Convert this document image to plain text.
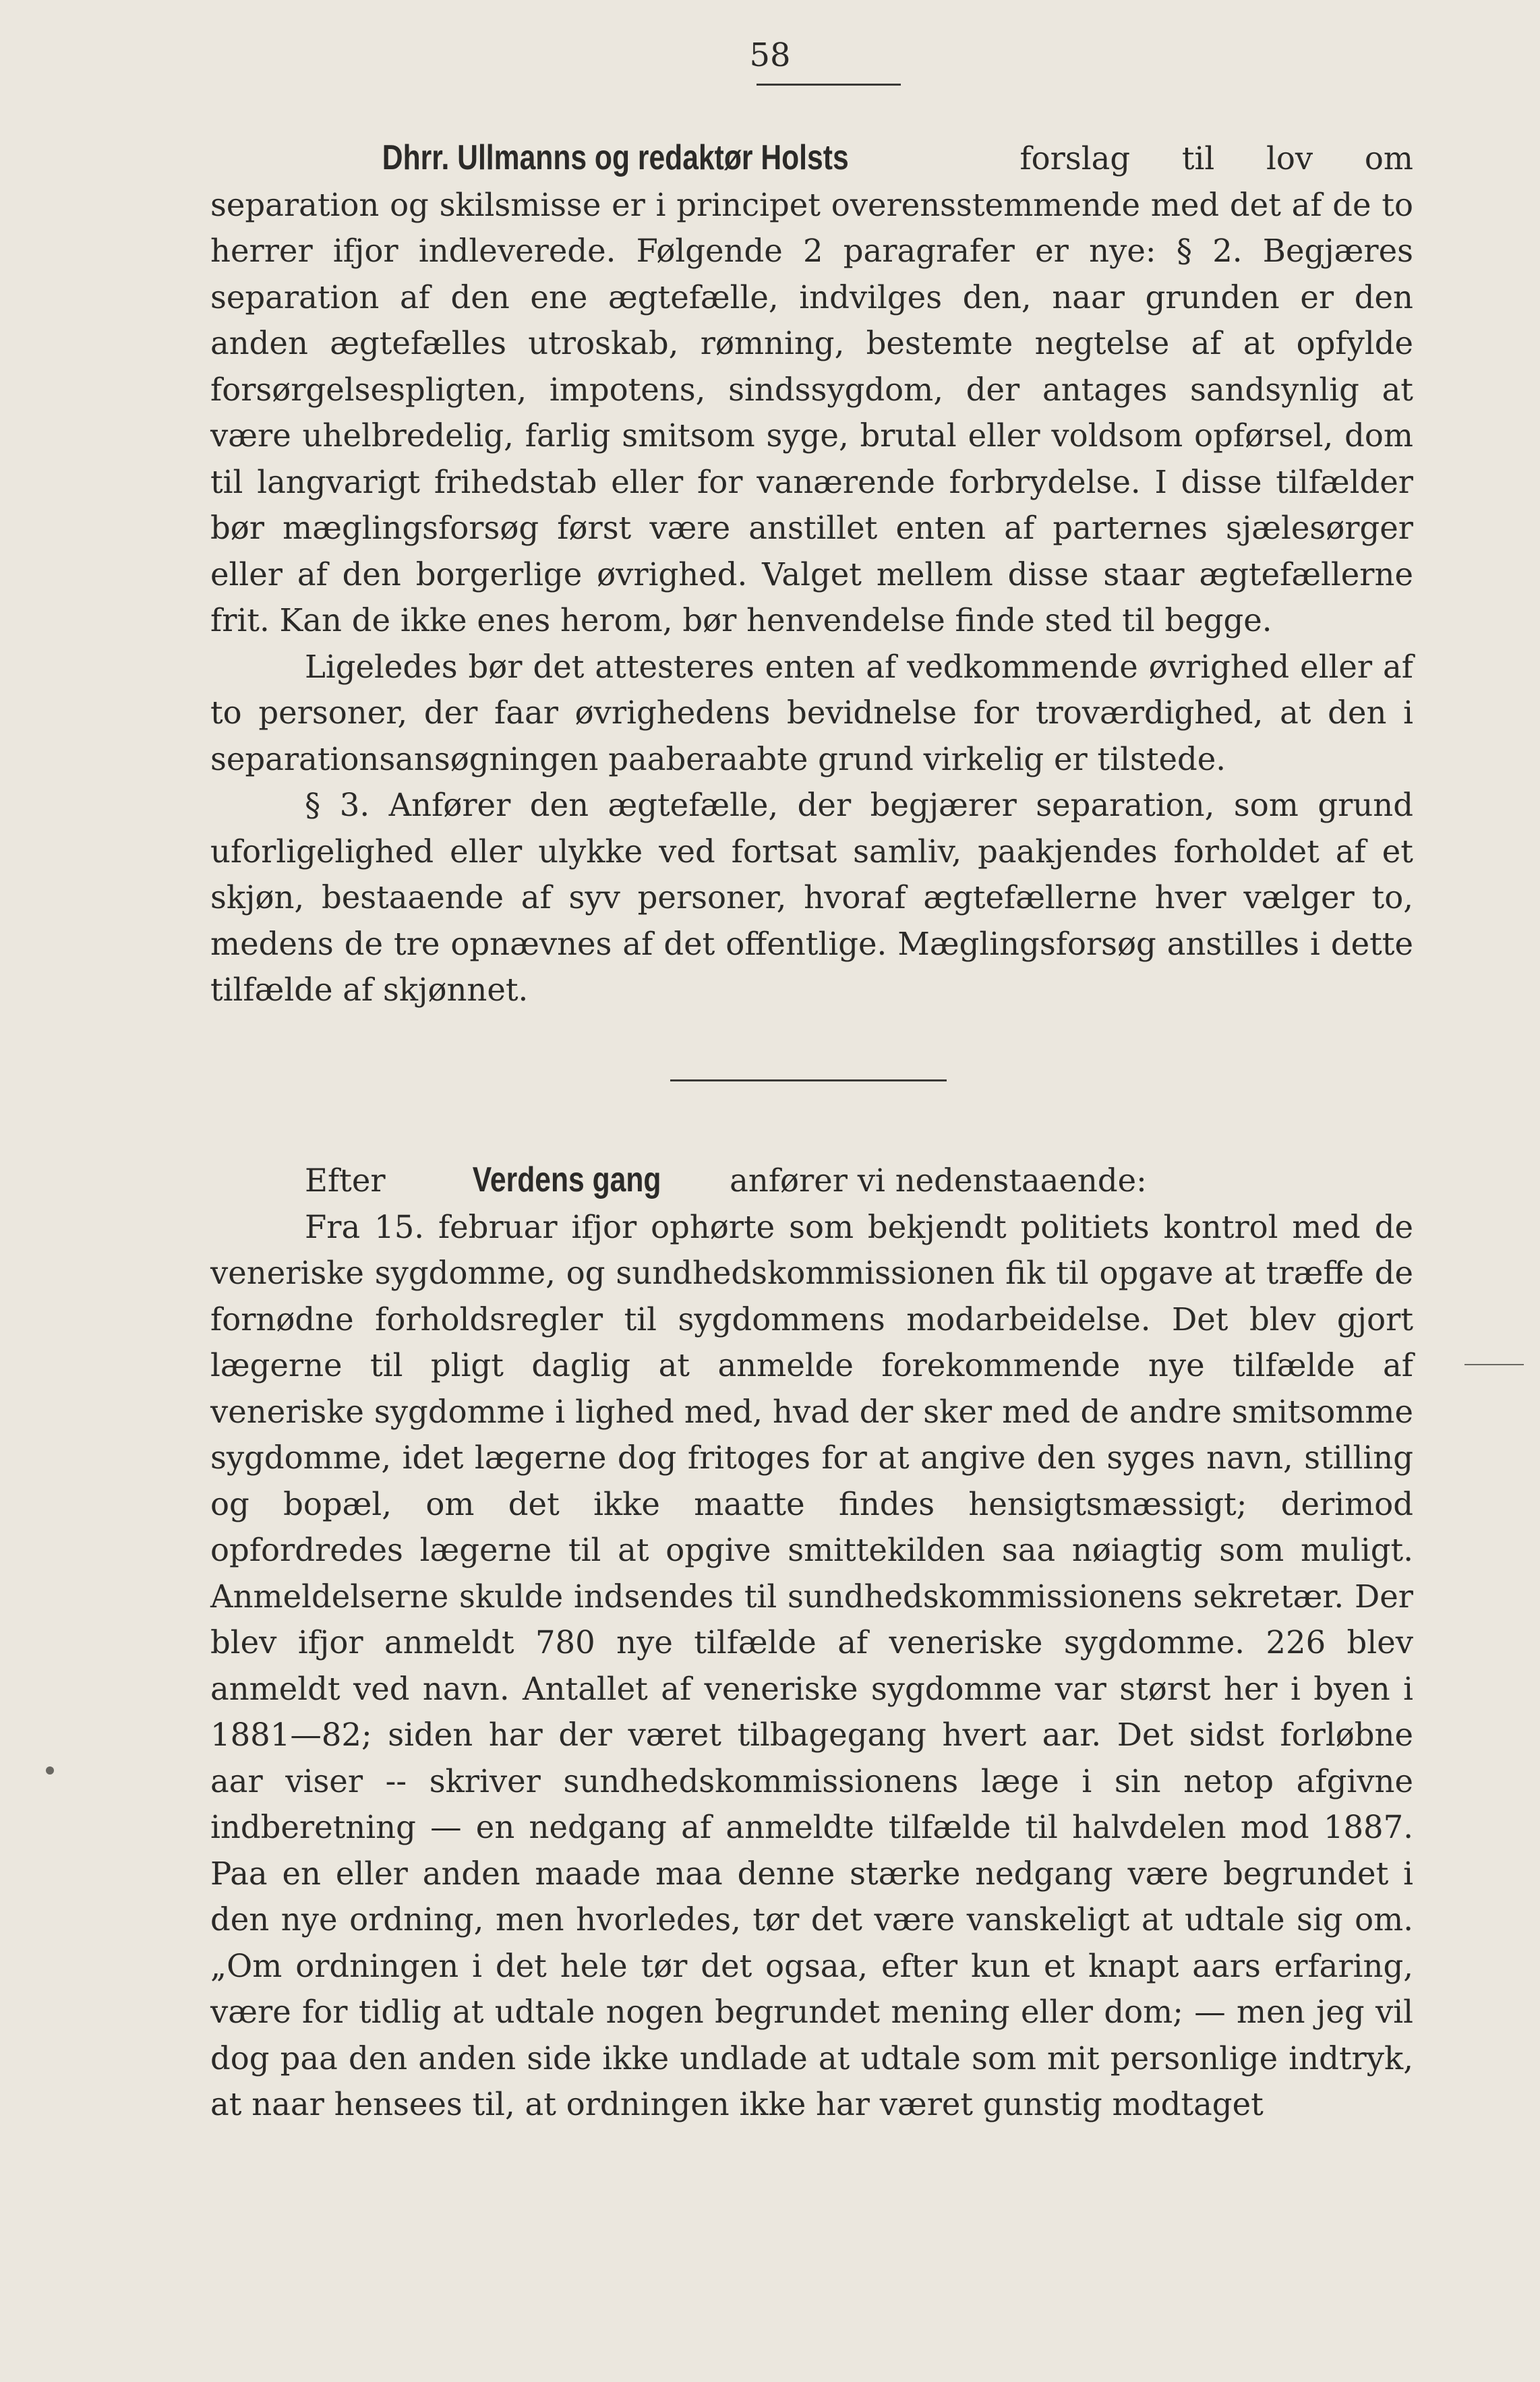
58

Dhrr. Ullmanns og redaktør Holsts	forslag til lov om separation og skilsmisse er i principet overensstemmende med det af de to herrer ifjor indleverede. Følgende 2 paragrafer er nye: § 2. Begjæres separation af den ene ægtefælle, indvilges den, naar grunden er den anden ægtefælles utroskab, rømning, bestemte negtelse af at opfylde forsørgelsespligten, impotens, sindssygdom, der antages sandsynlig at være uhelbredelig, farlig smitsom syge, brutal eller voldsom opførsel, dom til langvarigt frihedstab eller for vanærende forbrydelse. I disse tilfælder bør mæglingsforsøg først være anstillet enten af parternes sjælesørger eller af den borgerlige øvrighed. Valget mellem disse staar ægtefællerne frit. Kan de ikke enes herom, bør henvendelse finde sted til begge.

Ligeledes bør det attesteres enten af vedkommende øvrighed eller af to personer, der faar øvrighedens bevidnelse for troværdighed, at den i separationsansøgningen paaberaabte grund virkelig er tilstede.

§ 3. Anfører den ægtefælle, der begjærer separation, som grund uforligelighed eller ulykke ved fortsat samliv, paakjendes forholdet af et skjøn, bestaaende af syv personer, hvoraf ægtefællerne hver vælger to, medens de tre opnævnes af det offentlige. Mæglingsforsøg anstilles i dette tilfælde af skjønnet.

Efter Verdens gang anfører vi nedenstaaende:

Fra 15. februar ifjor ophørte som bekjendt politiets kontrol med de veneriske sygdomme, og sundhedskommissionen fik til opgave at træffe de fornødne forholdsregler til sygdommens modarbeidelse. Det blev gjort lægerne til pligt daglig at anmelde forekommende nye tilfælde af veneriske sygdomme i lighed med, hvad der sker med de andre smitsomme sygdomme, idet lægerne dog fritoges for at angive den syges navn, stilling og bopæl, om det ikke maatte findes hensigtsmæssigt; derimod opfordredes lægerne til at opgive smittekilden saa nøiagtig som muligt. Anmeldelserne skulde indsendes til sundhedskommissionens sekretær. Der blev ifjor anmeldt 780 nye tilfælde af veneriske sygdomme. 226 blev anmeldt ved navn. Antallet af veneriske sygdomme var størst her i byen i 1881—82; siden har der været tilbagegang hvert aar. Det sidst forløbne aar viser -- skriver sundhedskommissionens læge i sin netop afgivne indberetning — en nedgang af anmeldte tilfælde til halvdelen mod 1887. Paa en eller anden maade maa denne stærke nedgang være begrundet i den nye ordning, men hvorledes, tør det være vanskeligt at udtale sig om. „Om ordningen i det hele tør det ogsaa, efter kun et knapt aars erfaring, være for tidlig at udtale nogen begrundet mening eller dom; — men jeg vil dog paa den anden side ikke undlade at udtale som mit personlige indtryk, at naar hensees til, at ordningen ikke har været gunstig modtaget
